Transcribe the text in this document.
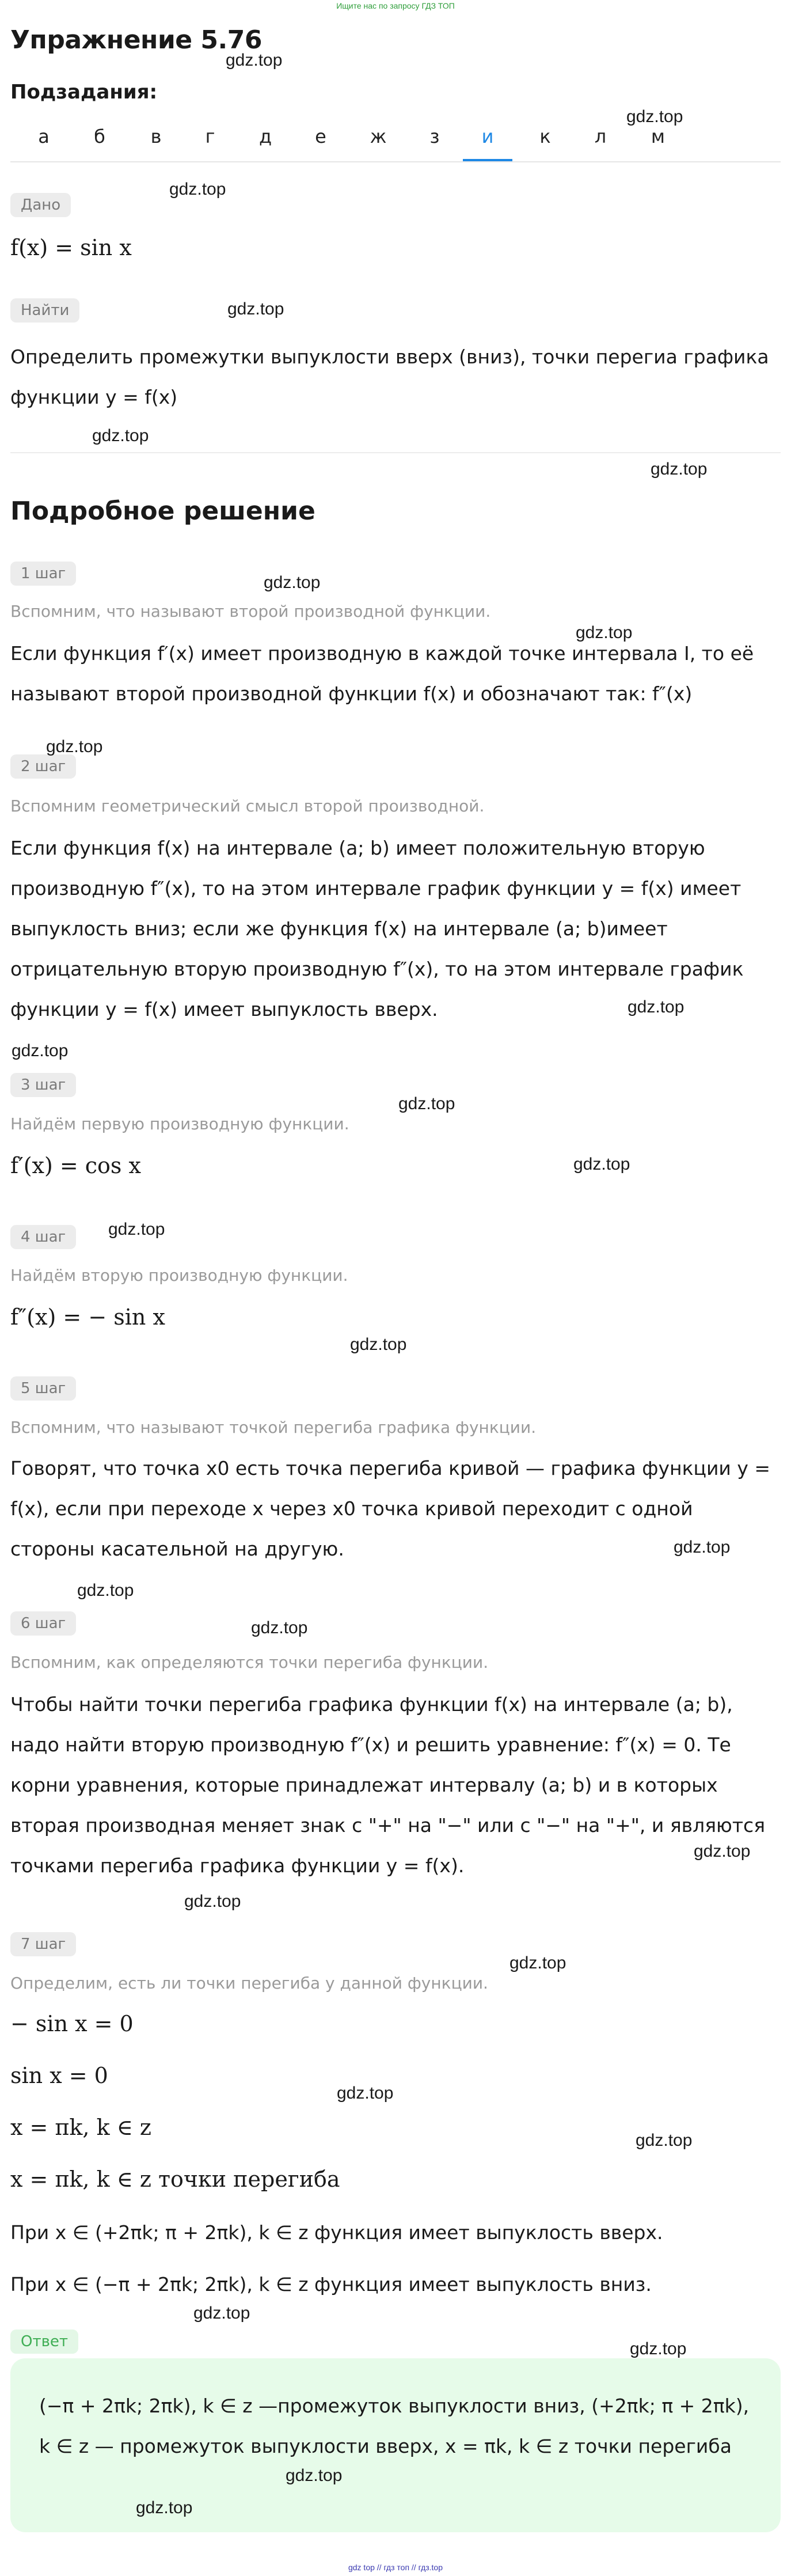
Ищите нас по запросу ГДЗ ТОП
Упражнение 5.76
Подзадания:
а	б	в	г	д	е	ж	з	и	к	л	м
Дано
f(x) = sin x
Найти
Определить промежутки выпуклости вверх (вниз), точки перегиа графика функции y = f(x)
Подробное решение
1 шаг
Вспомним, что называют второй производной функции.
Если функция f′(x) имеет производную в каждой точке интервала I, то её называют второй производной функции f(x) и обозначают так: f″(x)
2 шаг
Вспомним геометрический смысл второй производной.
Если функция f(x) на интервале (a; b) имеет положительную вторую производную f″(x), то на этом интервале график функции y = f(x) имеет выпуклость вниз; если же функция f(x) на интервале (a; b)имеет отрицательную вторую производную f″(x), то на этом интервале график функции y = f(x) имеет выпуклость вверх.
3 шаг
Найдём первую производную функции.
f′(x) = cos x
4 шаг
Найдём вторую производную функции.
f″(x) = − sin x
5 шаг
Вспомним, что называют точкой перегиба графика функции.
Говорят, что точка x0 есть точка перегиба кривой — графика функции y = f(x), если при переходе x через x0 точка кривой переходит с одной стороны касательной на другую.
6 шаг
Вспомним, как определяются точки перегиба функции.
Чтобы найти точки перегиба графика функции f(x) на интервале (a; b), надо найти вторую производную f″(x) и решить уравнение: f″(x) = 0. Те корни уравнения, которые принадлежат интервалу (a; b) и в которых вторая производная меняет знак с "+" на "−" или с "−" на "+", и являются точками перегиба графика функции y = f(x).
7 шаг
Определим, есть ли точки перегиба у данной функции.
− sin x = 0
sin x = 0
x = πk, k ∈ z
x = πk, k ∈ z точки перегиба
При x ∈ (+2πk; π + 2πk), k ∈ z функция имеет выпуклость вверх.
При x ∈ (−π + 2πk; 2πk), k ∈ z функция имеет выпуклость вниз.
Ответ
(−π + 2πk; 2πk), k ∈ z —промежуток выпуклости вниз, (+2πk; π + 2πk), k ∈ z — промежуток выпуклости вверх, x = πk, k ∈ z точки перегиба
gdz.top
gdz.top
gdz.top
gdz.top
gdz.top
gdz.top
gdz.top
gdz.top
gdz.top
gdz.top
gdz.top
gdz.top
gdz.top
gdz.top
gdz.top
gdz.top
gdz.top
gdz.top
gdz.top
gdz.top
gdz.top
gdz.top
gdz.top
gdz.top
gdz.top
gdz.top
gdz.top
gdz top // гдз топ // гдз.top
